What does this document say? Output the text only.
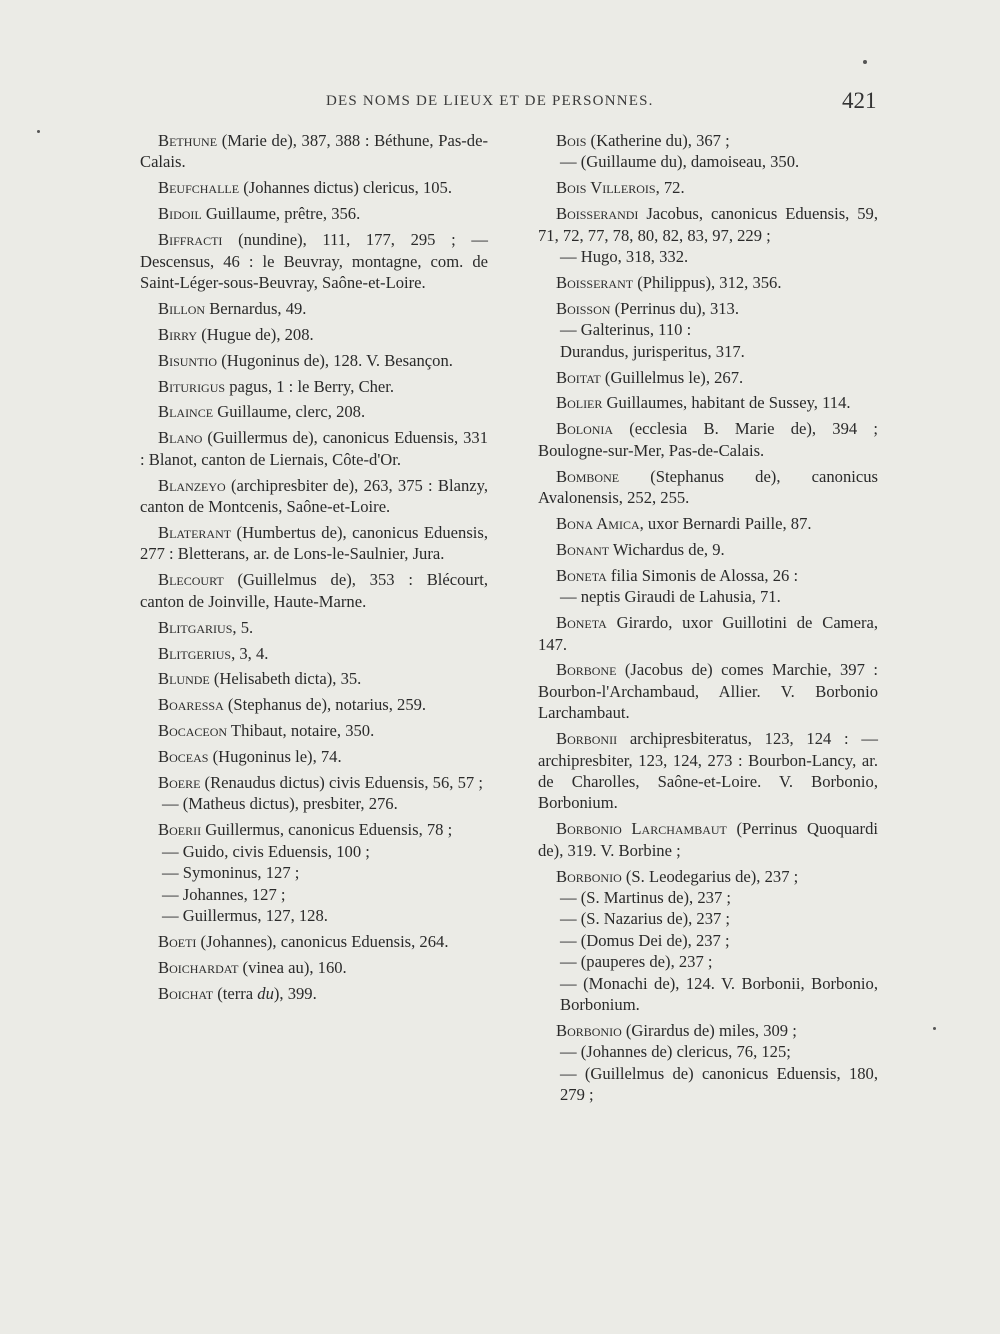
DES NOMS DE LIEUX ET DE PERSONNES.	421

Bethune (Marie de), 387, 388 : Béthune, Pas-de-Calais.

Beufchalle (Johannes dictus) clericus, 105.

Bidoil Guillaume, prêtre, 356.

Biffracti (nundine), 111, 177, 295 ; — Descensus, 46 : le Beuvray, montagne, com. de Saint-Léger-sous-Beuvray, Saône-et-Loire.

Billon Bernardus, 49.

Birry (Hugue de), 208.

Bisuntio (Hugoninus de), 128. V. Besançon.

Biturigus pagus, 1 : le Berry, Cher.

Blaince Guillaume, clerc, 208.

Blano (Guillermus de), canonicus Eduensis, 331 : Blanot, canton de Liernais, Côte-d'Or.

Blanzeyo (archipresbiter de), 263, 375 : Blanzy, canton de Montcenis, Saône-et-Loire.

Blaterant (Humbertus de), canonicus Eduensis, 277 : Bletterans, ar. de Lons-le-Saulnier, Jura.

Blecourt (Guillelmus de), 353 : Blécourt, canton de Joinville, Haute-Marne.

Blitgarius, 5.

Blitgerius, 3, 4.

Blunde (Helisabeth dicta), 35.

Boaressa (Stephanus de), notarius, 259.

Bocaceon Thibaut, notaire, 350.

Boceas (Hugoninus le), 74.

Boere (Renaudus dictus) civis Eduensis, 56, 57 ;
— (Matheus dictus), presbiter, 276.

Boerii Guillermus, canonicus Eduensis, 78 ;
— Guido, civis Eduensis, 100 ;
— Symoninus, 127 ;
— Johannes, 127 ;
— Guillermus, 127, 128.

Boeti (Johannes), canonicus Eduensis, 264.

Boichardat (vinea au), 160.

Boichat (terra du), 399.

Bois (Katherine du), 367 ;
— (Guillaume du), damoiseau, 350.

Bois Villerois, 72.

Boisserandi Jacobus, canonicus Eduensis, 59, 71, 72, 77, 78, 80, 82, 83, 97, 229 ;
— Hugo, 318, 332.

Boisserant (Philippus), 312, 356.

Boisson (Perrinus du), 313.
— Galterinus, 110 :
Durandus, jurisperitus, 317.

Boitat (Guillelmus le), 267.

Bolier Guillaumes, habitant de Sussey, 114.

Bolonia (ecclesia B. Marie de), 394 ; Boulogne-sur-Mer, Pas-de-Calais.

Bombone (Stephanus de), canonicus Avalonensis, 252, 255.

Bona Amica, uxor Bernardi Paille, 87.

Bonant Wichardus de, 9.

Boneta filia Simonis de Alossa, 26 :
— neptis Giraudi de Lahusia, 71.

Boneta Girardo, uxor Guillotini de Camera, 147.

Borbone (Jacobus de) comes Marchie, 397 : Bourbon-l'Archambaud, Allier. V. Borbonio Larchambaut.

Borbonii archipresbiteratus, 123, 124 : — archipresbiter, 123, 124, 273 : Bourbon-Lancy, ar. de Charolles, Saône-et-Loire. V. Borbonio, Borbonium.

Borbonio Larchambaut (Perrinus Quoquardi de), 319. V. Borbine ;

Borbonio (S. Leodegarius de), 237 ;
— (S. Martinus de), 237 ;
— (S. Nazarius de), 237 ;
— (Domus Dei de), 237 ;
— (pauperes de), 237 ;
— (Monachi de), 124. V. Borbonii, Borbonio, Borbonium.

Borbonio (Girardus de) miles, 309 ;
— (Johannes de) clericus, 76, 125;
— (Guillelmus de) canonicus Eduensis, 180, 279 ;
